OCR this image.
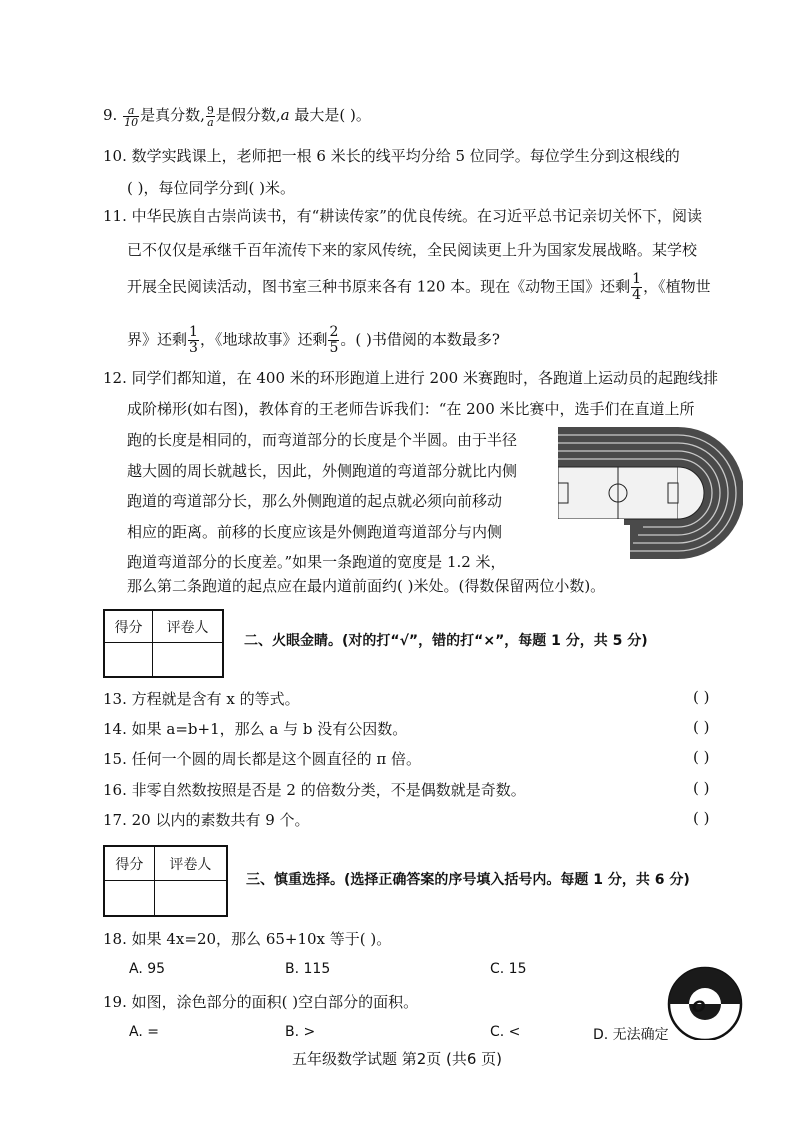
9. $\frac{a}{10}$ 是真分数, $\frac{9}{a}$ 是假分数,a 最大是( )。
10. 数学实践课上，老师把一根 6 米长的线平均分给 5 位同学。每位学生分到这根线的
( )，每位同学分到( )米。
11. 中华民族自古崇尚读书，有“耕读传家”的优良传统。在习近平总书记亲切关怀下，阅读
已不仅仅是承继千百年流传下来的家风传统，全民阅读更上升为国家发展战略。某学校
开展全民阅读活动，图书室三种书原来各有 120 本。现在《动物王国》还剩 $\frac{1}{4}$ ，《植物世
界》还剩 $\frac{1}{3}$ ，《地球故事》还剩 $\frac{2}{5}$ 。( )书借阅的本数最多?
12. 同学们都知道，在 400 米的环形跑道上进行 200 米赛跑时，各跑道上运动员的起跑线排
成阶梯形(如右图)，教体育的王老师告诉我们：“在 200 米比赛中，选手们在直道上所
跑的长度是相同的，而弯道部分的长度是个半圆。由于半径
越大圆的周长就越长，因此，外侧跑道的弯道部分就比内侧
跑道的弯道部分长，那么外侧跑道的起点就必须向前移动
相应的距离。前移的长度应该是外侧跑道弯道部分与内侧
跑道弯道部分的长度差。”如果一条跑道的宽度是 1.2 米，
那么第二条跑道的起点应在最内道前面约( )米处。(得数保留两位小数)。
得分	评卷人

二、火眼金睛。(对的打“√”，错的打“×”，每题 1 分，共 5 分)
13. 方程就是含有 x 的等式。	( )
14. 如果 a=b+1，那么 a 与 b 没有公因数。	( )
15. 任何一个圆的周长都是这个圆直径的 π 倍。	( )
16. 非零自然数按照是否是 2 的倍数分类，不是偶数就是奇数。	( )
17. 20 以内的素数共有 9 个。	( )
得分	评卷人

三、慎重选择。(选择正确答案的序号填入括号内。每题 1 分，共 6 分)
18. 如果 4x=20，那么 65+10x 等于( )。
A. 95	B. 115	C. 15
19. 如图，涂色部分的面积( )空白部分的面积。
A. =	B. >	C. <	D. 无法确定
O
五年级数学试题 第2页 (共6 页)
